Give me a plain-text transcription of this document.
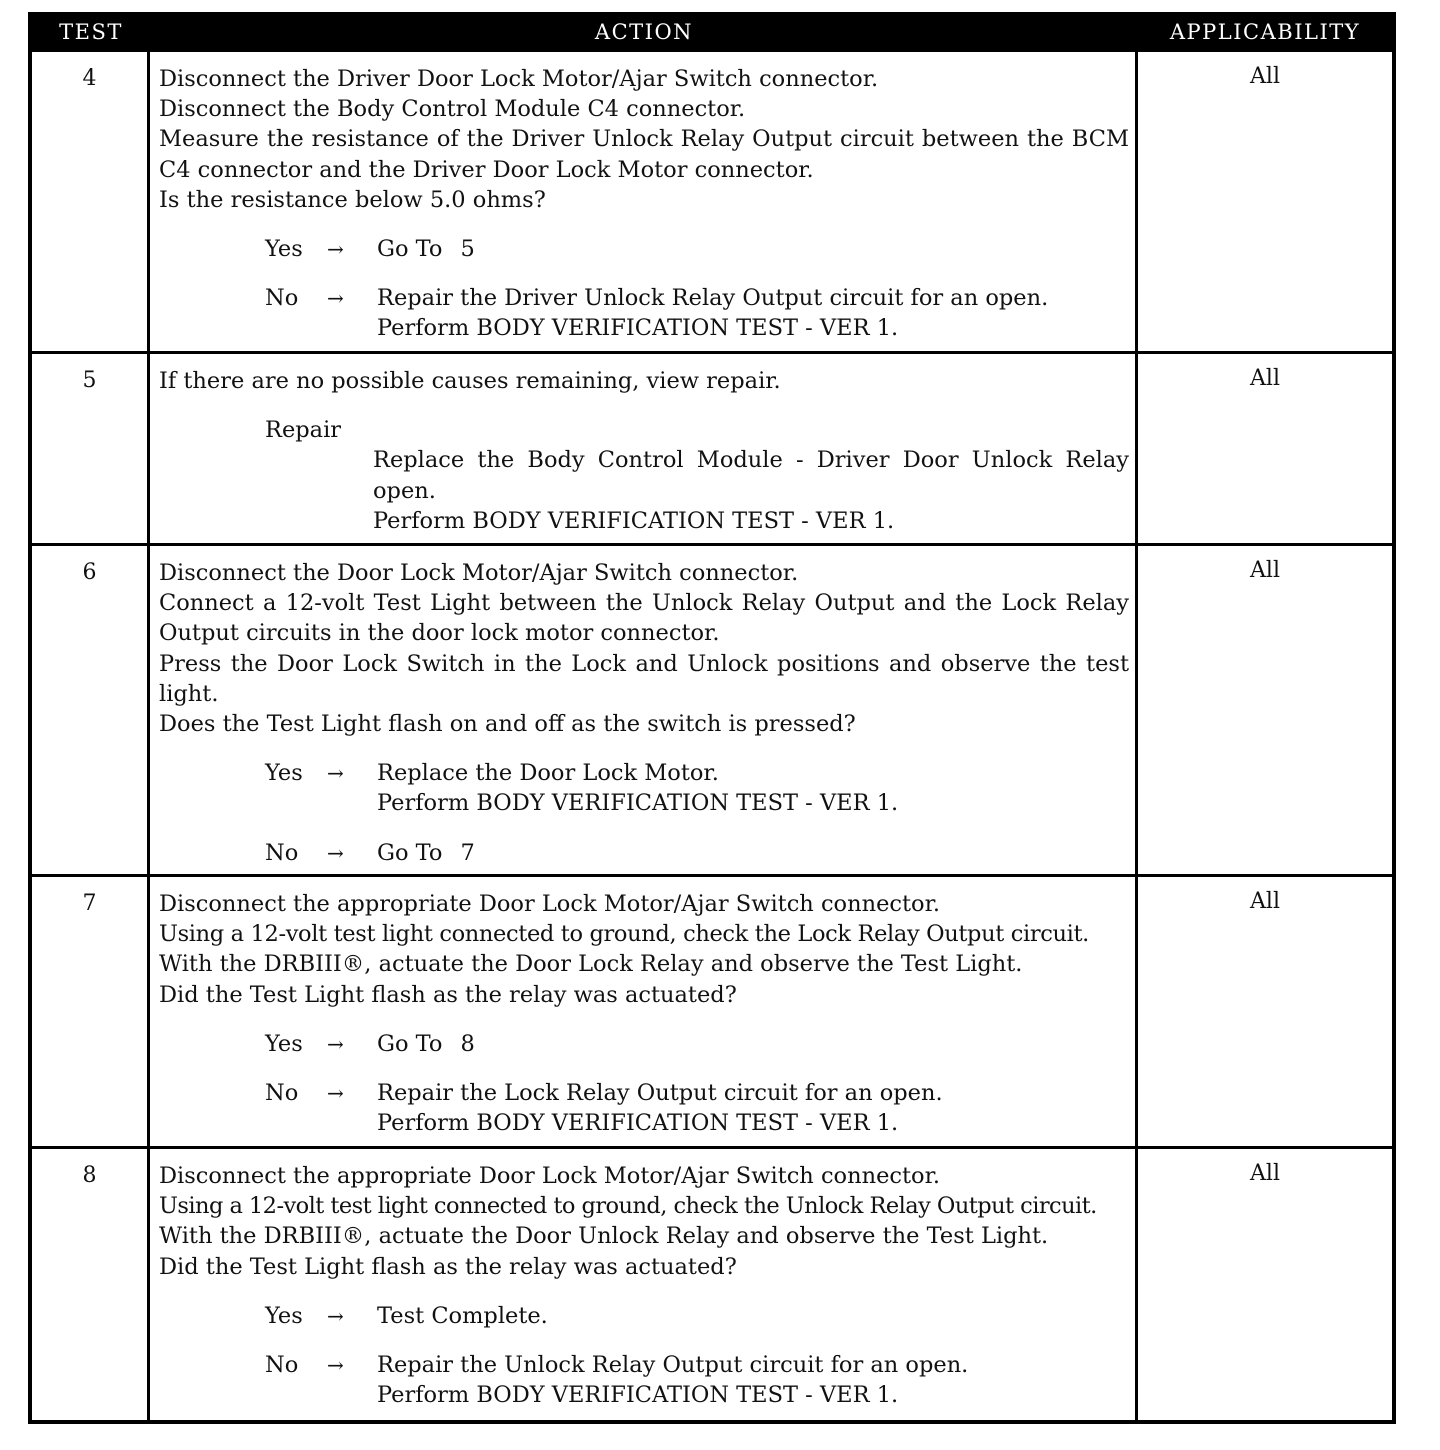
TEST	ACTION	APPLICABILITY
4	Disconnect the Driver Door Lock Motor/Ajar Switch connector.
Disconnect the Body Control Module C4 connector.
Measure the resistance of the Driver Unlock Relay Output circuit between the BCM C4 connector and the Driver Door Lock Motor connector.
Is the resistance below 5.0 ohms?
Yes	→	Go To 5
No	→	Repair the Driver Unlock Relay Output circuit for an open.
Perform BODY VERIFICATION TEST - VER 1.
All
5	If there are no possible causes remaining, view repair.
Repair
Replace the Body Control Module - Driver Door Unlock Relay open.
Perform BODY VERIFICATION TEST - VER 1.
All
6	Disconnect the Door Lock Motor/Ajar Switch connector.
Connect a 12-volt Test Light between the Unlock Relay Output and the Lock Relay Output circuits in the door lock motor connector.
Press the Door Lock Switch in the Lock and Unlock positions and observe the test light.
Does the Test Light flash on and off as the switch is pressed?
Yes	→	Replace the Door Lock Motor.
Perform BODY VERIFICATION TEST - VER 1.
No	→	Go To 7
All
7	Disconnect the appropriate Door Lock Motor/Ajar Switch connector.
Using a 12-volt test light connected to ground, check the Lock Relay Output circuit.
With the DRBIII®, actuate the Door Lock Relay and observe the Test Light.
Did the Test Light flash as the relay was actuated?
Yes	→	Go To 8
No	→	Repair the Lock Relay Output circuit for an open.
Perform BODY VERIFICATION TEST - VER 1.
All
8	Disconnect the appropriate Door Lock Motor/Ajar Switch connector.
Using a 12-volt test light connected to ground, check the Unlock Relay Output circuit.
With the DRBIII®, actuate the Door Unlock Relay and observe the Test Light.
Did the Test Light flash as the relay was actuated?
Yes	→	Test Complete.
No	→	Repair the Unlock Relay Output circuit for an open.
Perform BODY VERIFICATION TEST - VER 1.
All
